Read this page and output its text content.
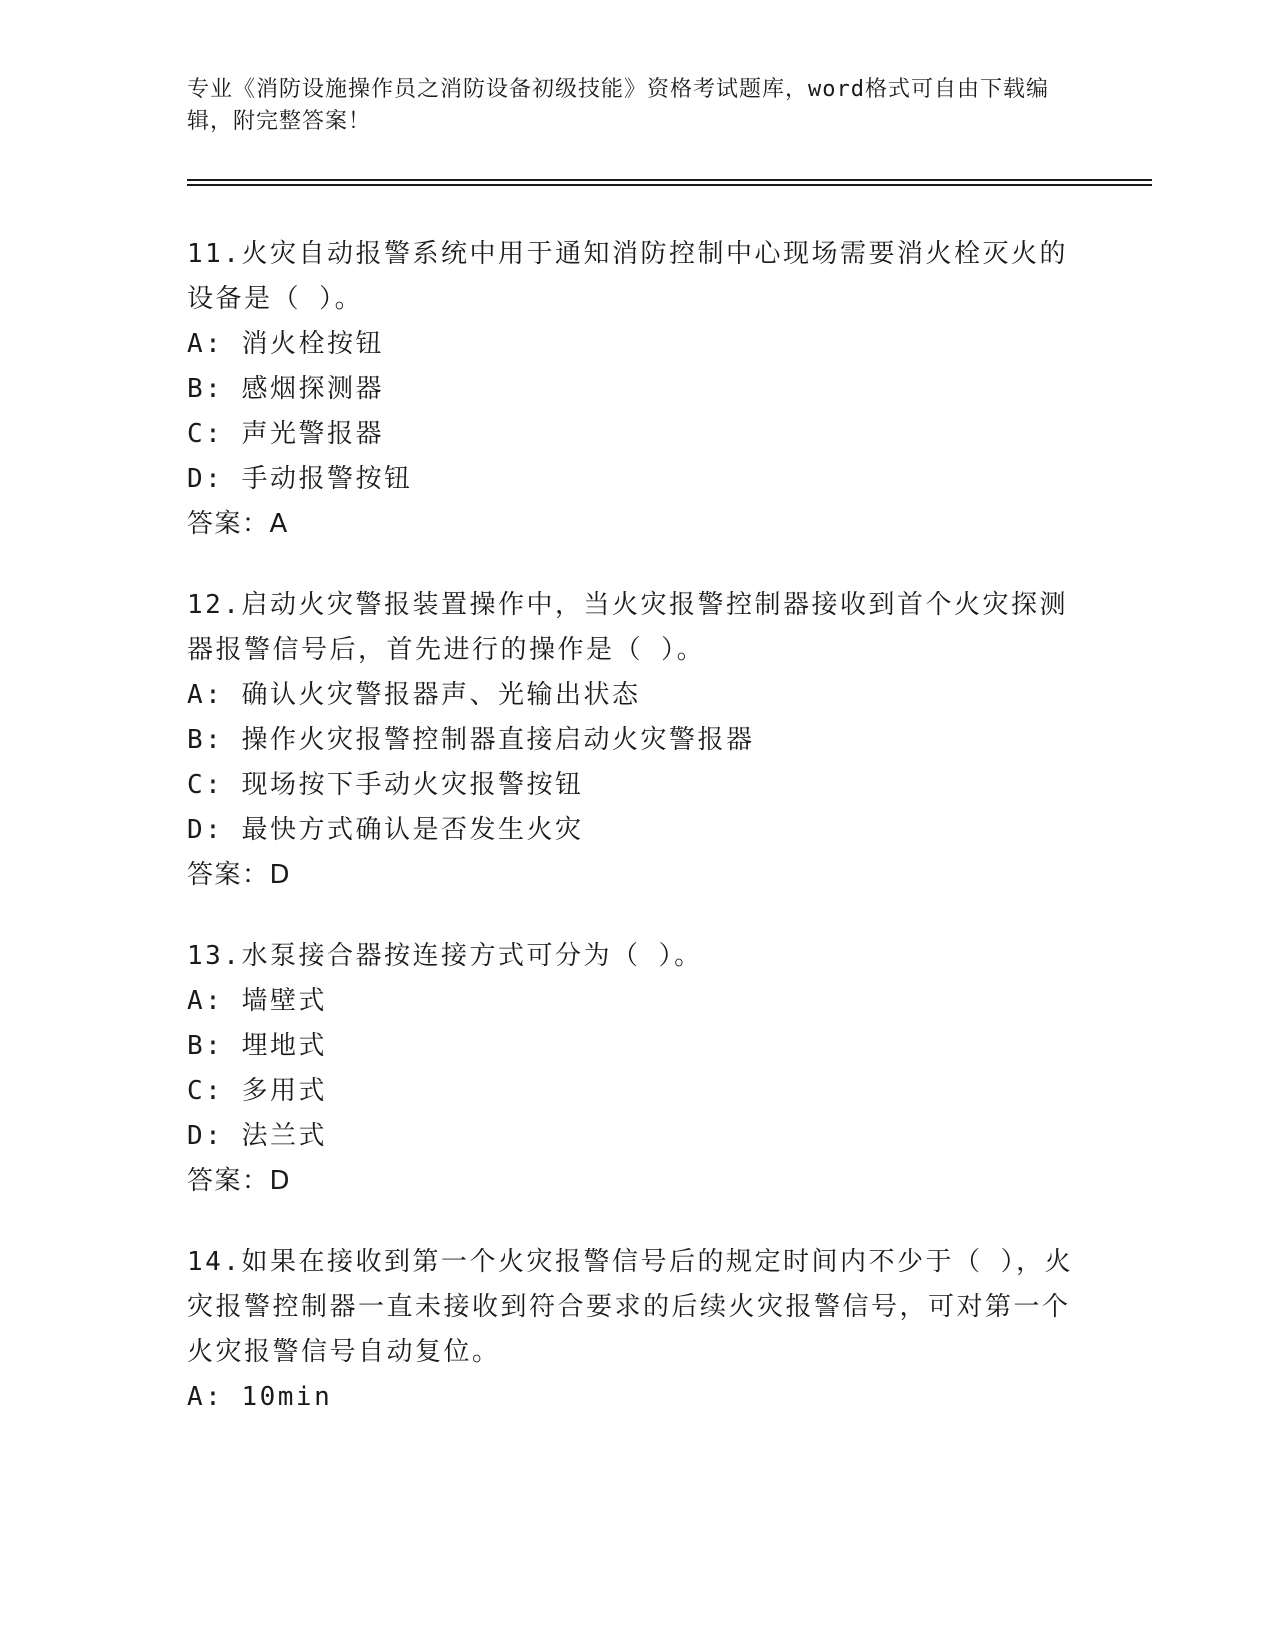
专业《消防设施操作员之消防设备初级技能》资格考试题库，word格式可自由下载编辑，附完整答案！
11.火灾自动报警系统中用于通知消防控制中心现场需要消火栓灭火的设备是（ ）。
A: 消火栓按钮
B: 感烟探测器
C: 声光警报器
D: 手动报警按钮
答案：A
12.启动火灾警报装置操作中，当火灾报警控制器接收到首个火灾探测器报警信号后，首先进行的操作是（ ）。
A: 确认火灾警报器声、光输出状态
B: 操作火灾报警控制器直接启动火灾警报器
C: 现场按下手动火灾报警按钮
D: 最快方式确认是否发生火灾
答案：D
13.水泵接合器按连接方式可分为（ ）。
A: 墙壁式
B: 埋地式
C: 多用式
D: 法兰式
答案：D
14.如果在接收到第一个火灾报警信号后的规定时间内不少于（ ），火灾报警控制器一直未接收到符合要求的后续火灾报警信号，可对第一个火灾报警信号自动复位。
A: 10min
